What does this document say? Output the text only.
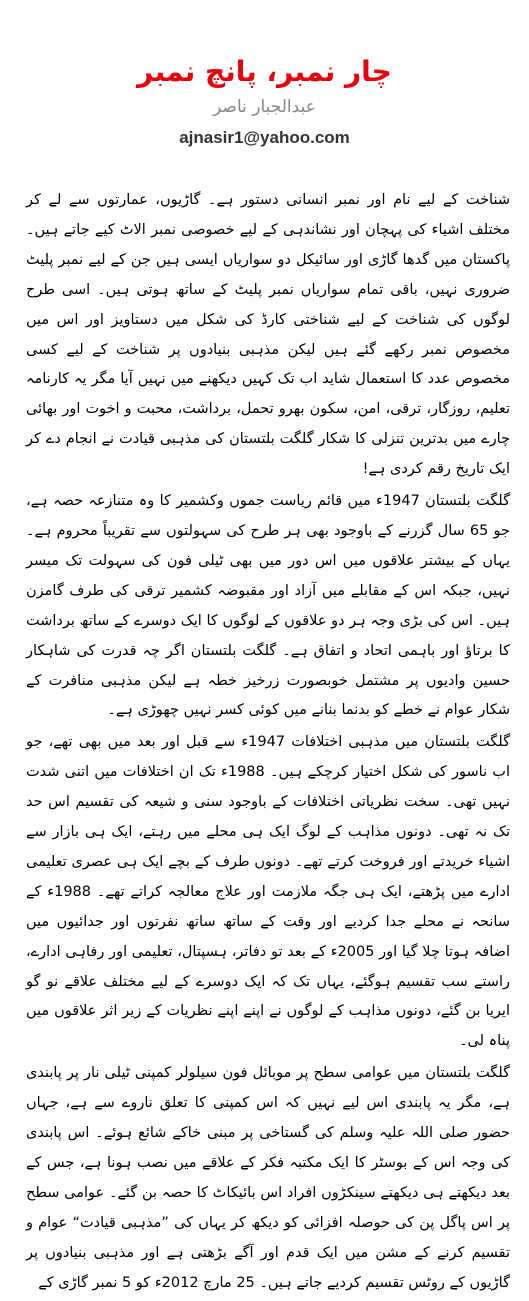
چار نمبر، پانچ نمبر
عبدالجبار ناصر
ajnasir1@yahoo.com

شناخت کے لیے نام اور نمبر انسانی دستور ہے۔ گاڑیوں، عمارتوں سے لے کر مختلف اشیاء کی پہچان اور نشاندہی کے لیے خصوصی نمبر الاٹ کیے جاتے ہیں۔ پاکستان میں گدھا گاڑی اور سائیکل دو سواریاں ایسی ہیں جن کے لیے نمبر پلیٹ ضروری نہیں، باقی تمام سواریاں نمبر پلیٹ کے ساتھ ہوتی ہیں۔ اسی طرح لوگوں کی شناخت کے لیے شناختی کارڈ کی شکل میں دستاویز اور اس میں مخصوص نمبر رکھے گئے ہیں لیکن مذہبی بنیادوں پر شناخت کے لیے کسی مخصوص عدد کا استعمال شاید اب تک کہیں دیکھنے میں نہیں آیا مگر یہ کارنامہ تعلیم، روزگار، ترقی، امن، سکون بھرو تحمل، برداشت، محبت و اخوت اور بھائی چارے میں بدترین تنزلی کا شکار گلگت بلتستان کی مذہبی قیادت نے انجام دے کر ایک تاریخ رقم کردی ہے!

گلگت بلتستان 1947ء میں قائم ریاست جموں وکشمیر کا وہ متنازعہ حصہ ہے، جو 65 سال گزرنے کے باوجود بھی ہر طرح کی سہولتوں سے تقریباً محروم ہے۔ یہاں کے بیشتر علاقوں میں اس دور میں بھی ٹیلی فون کی سہولت تک میسر نہیں، جبکہ اس کے مقابلے میں آزاد اور مقبوضہ کشمیر ترقی کی طرف گامزن ہیں۔ اس کی بڑی وجہ ہر دو علاقوں کے لوگوں کا ایک دوسرے کے ساتھ برداشت کا برتاؤ اور باہمی اتحاد و اتفاق ہے۔ گلگت بلتستان اگر چہ قدرت کی شاہکار حسین وادیوں پر مشتمل خوبصورت زرخیز خطہ ہے لیکن مذہبی منافرت کے شکار عوام نے خطے کو بدنما بنانے میں کوئی کسر نہیں چھوڑی ہے۔

گلگت بلتستان میں مذہبی اختلافات 1947ء سے قبل اور بعد میں بھی تھے، جو اب ناسور کی شکل اختیار کرچکے ہیں۔ 1988ء تک ان اختلافات میں اتنی شدت نہیں تھی۔ سخت نظریاتی اختلافات کے باوجود سنی و شیعہ کی تقسیم اس حد تک نہ تھی۔ دونوں مذاہب کے لوگ ایک ہی محلے میں رہتے، ایک ہی بازار سے اشیاء خریدتے اور فروخت کرتے تھے۔ دونوں طرف کے بچے ایک ہی عصری تعلیمی ادارے میں پڑھتے، ایک ہی جگہ ملازمت اور علاج معالجہ کراتے تھے۔ 1988ء کے سانحہ نے محلے جدا کردیے اور وقت کے ساتھ ساتھ نفرتوں اور جدائیوں میں اضافہ ہوتا چلا گیا اور 2005ء کے بعد تو دفاتر، ہسپتال، تعلیمی اور رفاہی ادارے، راستے سب تقسیم ہوگئے، یہاں تک کہ ایک دوسرے کے لیے مختلف علاقے نو گو ایریا بن گئے، دونوں مذاہب کے لوگوں نے اپنے اپنے نظریات کے زیر اثر علاقوں میں پناہ لی۔

گلگت بلتستان میں عوامی سطح پر موبائل فون سیلولر کمپنی ٹیلی نار پر پابندی ہے، مگر یہ پابندی اس لیے نہیں کہ اس کمپنی کا تعلق ناروے سے ہے، جہاں حضور صلی اللہ علیہ وسلم کی گستاخی پر مبنی خاکے شائع ہوئے۔ اس پابندی کی وجہ اس کے بوسٹر کا ایک مکتبہ فکر کے علاقے میں نصب ہونا ہے، جس کے بعد دیکھتے ہی دیکھتے سینکڑوں افراد اس بائیکاٹ کا حصہ بن گئے۔ عوامی سطح پر اس پاگل پن کی حوصلہ افزائی کو دیکھ کر یہاں کی ”مذہبی قیادت“ عوام و تقسیم کرنے کے مشن میں ایک قدم اور آگے بڑھتی ہے اور مذہبی بنیادوں پر گاڑیوں کے روٹس تقسیم کردیے جاتے ہیں۔ 25 مارچ 2012ء کو 5 نمبر گاڑی کے
